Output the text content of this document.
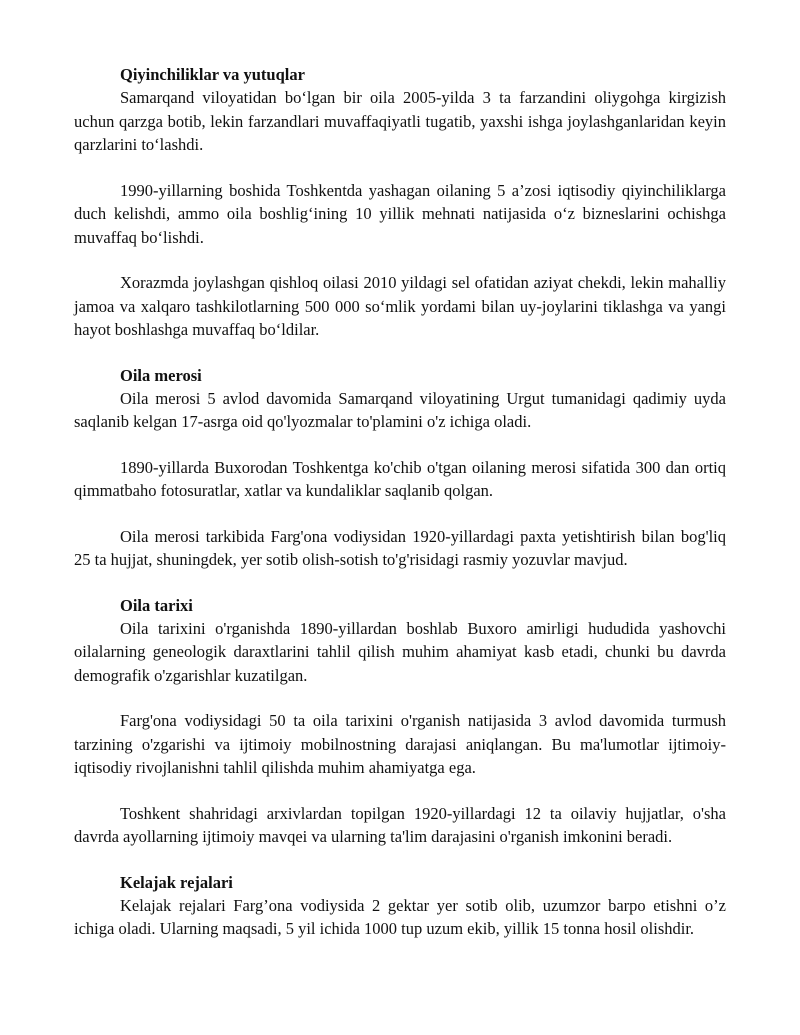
Qiyinchiliklar va yutuqlar

Samarqand viloyatidan bo‘lgan bir oila 2005-yilda 3 ta farzandini oliygohga kirgizish uchun qarzga botib, lekin farzandlari muvaffaqiyatli tugatib, yaxshi ishga joylashganlaridan keyin qarzlarini to‘lashdi.

1990-yillarning boshida Toshkentda yashagan oilaning 5 a’zosi iqtisodiy qiyinchiliklarga duch kelishdi, ammo oila boshlig‘ining 10 yillik mehnati natijasida o‘z bizneslarini ochishga muvaffaq bo‘lishdi.

Xorazmda joylashgan qishloq oilasi 2010 yildagi sel ofatidan aziyat chekdi, lekin mahalliy jamoa va xalqaro tashkilotlarning 500 000 so‘mlik yordami bilan uy-joylarini tiklashga va yangi hayot boshlashga muvaffaq bo‘ldilar.

Oila merosi

Oila merosi 5 avlod davomida Samarqand viloyatining Urgut tumanidagi qadimiy uyda saqlanib kelgan 17-asrga oid qo'lyozmalar to'plamini o'z ichiga oladi.

1890-yillarda Buxorodan Toshkentga ko'chib o'tgan oilaning merosi sifatida 300 dan ortiq qimmatbaho fotosuratlar, xatlar va kundaliklar saqlanib qolgan.

Oila merosi tarkibida Farg'ona vodiysidan 1920-yillardagi paxta yetishtirish bilan bog'liq 25 ta hujjat, shuningdek, yer sotib olish-sotish to'g'risidagi rasmiy yozuvlar mavjud.

Oila tarixi

Oila tarixini o'rganishda 1890-yillardan boshlab Buxoro amirligi hududida yashovchi oilalarning geneologik daraxtlarini tahlil qilish muhim ahamiyat kasb etadi, chunki bu davrda demografik o'zgarishlar kuzatilgan.

Farg'ona vodiysidagi 50 ta oila tarixini o'rganish natijasida 3 avlod davomida turmush tarzining o'zgarishi va ijtimoiy mobilnostning darajasi aniqlangan. Bu ma'lumotlar ijtimoiy-iqtisodiy rivojlanishni tahlil qilishda muhim ahamiyatga ega.

Toshkent shahridagi arxivlardan topilgan 1920-yillardagi 12 ta oilaviy hujjatlar, o'sha davrda ayollarning ijtimoiy mavqei va ularning ta'lim darajasini o'rganish imkonini beradi.

Kelajak rejalari

Kelajak rejalari Farg’ona vodiysida 2 gektar yer sotib olib, uzumzor barpo etishni o’z ichiga oladi. Ularning maqsadi, 5 yil ichida 1000 tup uzum ekib, yillik 15 tonna hosil olishdir.
